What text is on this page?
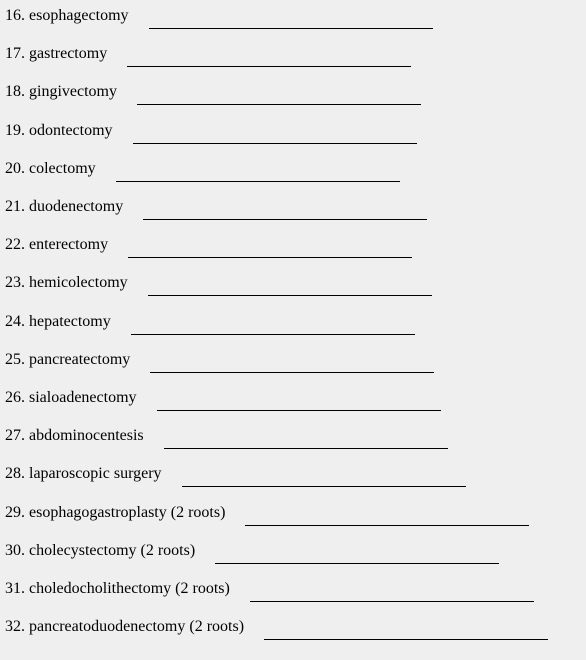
16. esophagectomy
17. gastrectomy
18. gingivectomy
19. odontectomy
20. colectomy
21. duodenectomy
22. enterectomy
23. hemicolectomy
24. hepatectomy
25. pancreatectomy
26. sialoadenectomy
27. abdominocentesis
28. laparoscopic surgery
29. esophagogastroplasty (2 roots)
30. cholecystectomy (2 roots)
31. choledocholithectomy (2 roots)
32. pancreatoduodenectomy (2 roots)
